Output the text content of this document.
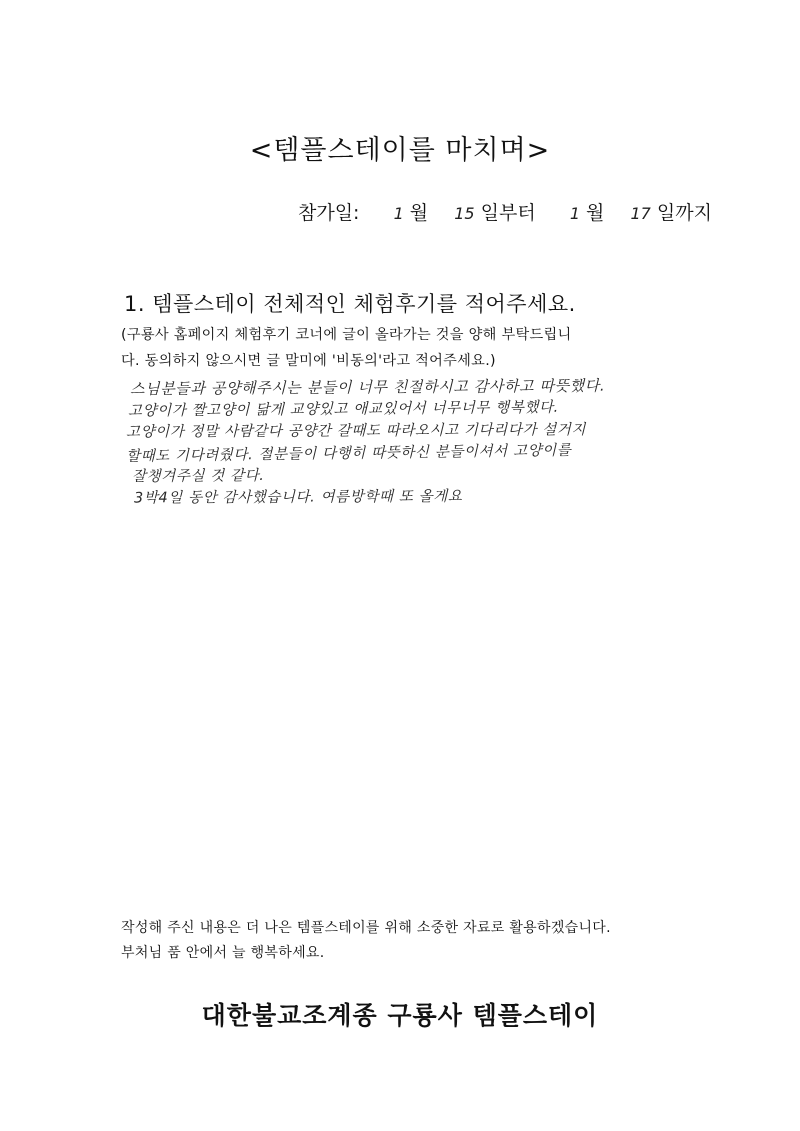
<템플스테이를 마치며>
참가일: 1 월 15 일부터 1 월 17 일까지
1. 템플스테이 전체적인 체험후기를 적어주세요.
(구룡사 홈페이지 체험후기 코너에 글이 올라가는 것을 양해 부탁드립니
다. 동의하지 않으시면 글 말미에 '비동의'라고 적어주세요.)
스님분들과 공양해주시는 분들이 너무 친절하시고 감사하고 따뜻했다.
고양이가 짤고양이 닮게 교양있고 애교있어서 너무너무 행복했다.
고양이가 정말 사람같다 공양간 갈때도 따라오시고 기다리다가 설거지
할때도 기다려줬다. 절분들이 다행히 따뜻하신 분들이셔서 고양이를
잘챙겨주실 것 같다.
3박4일 동안 감사했습니다. 여름방학때 또 올게요
작성해 주신 내용은 더 나은 템플스테이를 위해 소중한 자료로 활용하겠습니다.
부처님 품 안에서 늘 행복하세요.
대한불교조계종 구룡사 템플스테이
